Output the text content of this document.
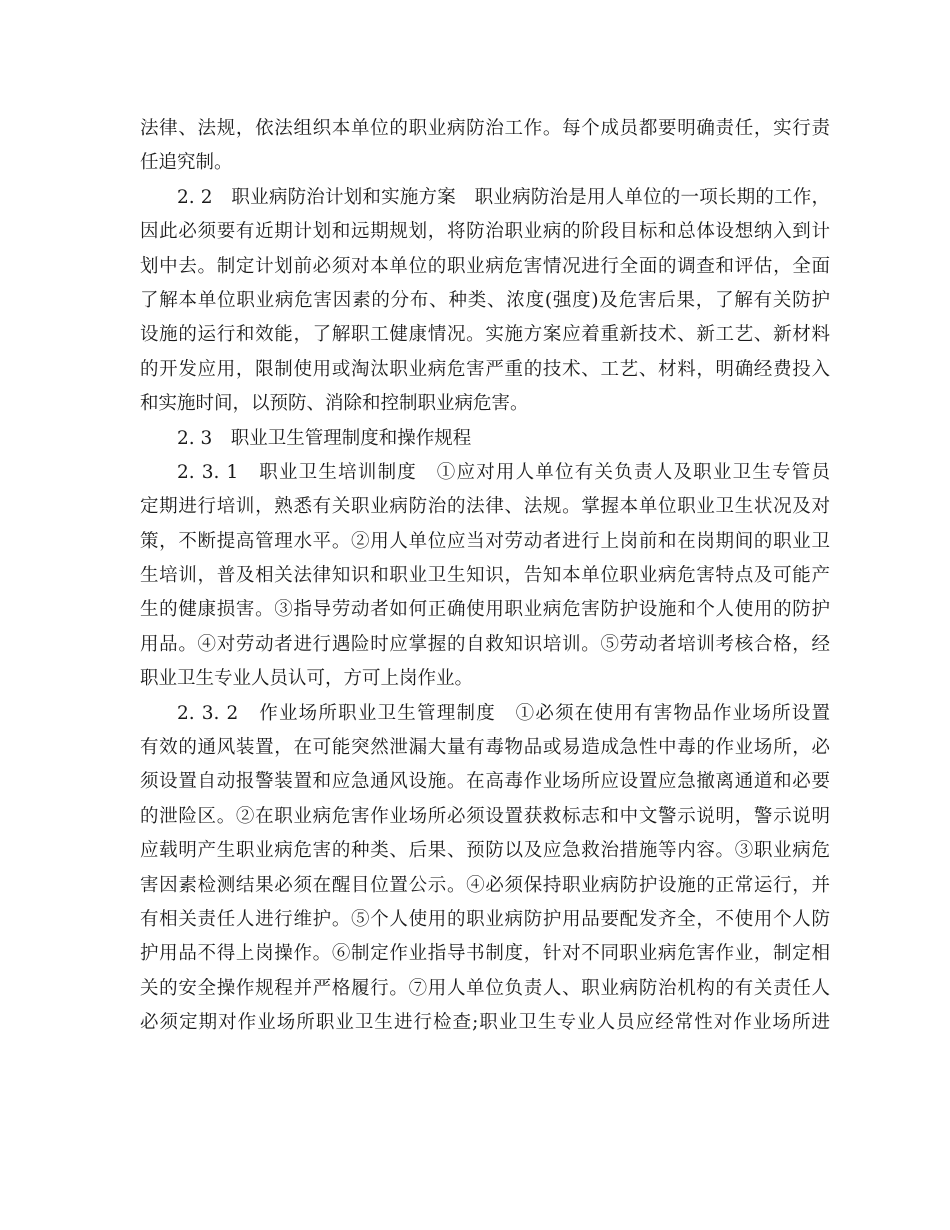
法律、法规，依法组织本单位的职业病防治工作。每个成员都要明确责任，实行责
任追究制。
2. 2　职业病防治计划和实施方案　职业病防治是用人单位的一项长期的工作，
因此必须要有近期计划和远期规划，将防治职业病的阶段目标和总体设想纳入到计
划中去。制定计划前必须对本单位的职业病危害情况进行全面的调查和评估，全面
了解本单位职业病危害因素的分布、种类、浓度(强度)及危害后果，了解有关防护
设施的运行和效能，了解职工健康情况。实施方案应着重新技术、新工艺、新材料
的开发应用，限制使用或淘汰职业病危害严重的技术、工艺、材料，明确经费投入
和实施时间，以预防、消除和控制职业病危害。
2. 3　职业卫生管理制度和操作规程
2. 3. 1　职业卫生培训制度　①应对用人单位有关负责人及职业卫生专管员
定期进行培训，熟悉有关职业病防治的法律、法规。掌握本单位职业卫生状况及对
策，不断提高管理水平。②用人单位应当对劳动者进行上岗前和在岗期间的职业卫
生培训，普及相关法律知识和职业卫生知识，告知本单位职业病危害特点及可能产
生的健康损害。③指导劳动者如何正确使用职业病危害防护设施和个人使用的防护
用品。④对劳动者进行遇险时应掌握的自救知识培训。⑤劳动者培训考核合格，经
职业卫生专业人员认可，方可上岗作业。
2. 3. 2　作业场所职业卫生管理制度　①必须在使用有害物品作业场所设置
有效的通风装置，在可能突然泄漏大量有毒物品或易造成急性中毒的作业场所，必
须设置自动报警装置和应急通风设施。在高毒作业场所应设置应急撤离通道和必要
的泄险区。②在职业病危害作业场所必须设置获救标志和中文警示说明，警示说明
应载明产生职业病危害的种类、后果、预防以及应急救治措施等内容。③职业病危
害因素检测结果必须在醒目位置公示。④必须保持职业病防护设施的正常运行，并
有相关责任人进行维护。⑤个人使用的职业病防护用品要配发齐全，不使用个人防
护用品不得上岗操作。⑥制定作业指导书制度，针对不同职业病危害作业，制定相
关的安全操作规程并严格履行。⑦用人单位负责人、职业病防治机构的有关责任人
必须定期对作业场所职业卫生进行检查;职业卫生专业人员应经常性对作业场所进
